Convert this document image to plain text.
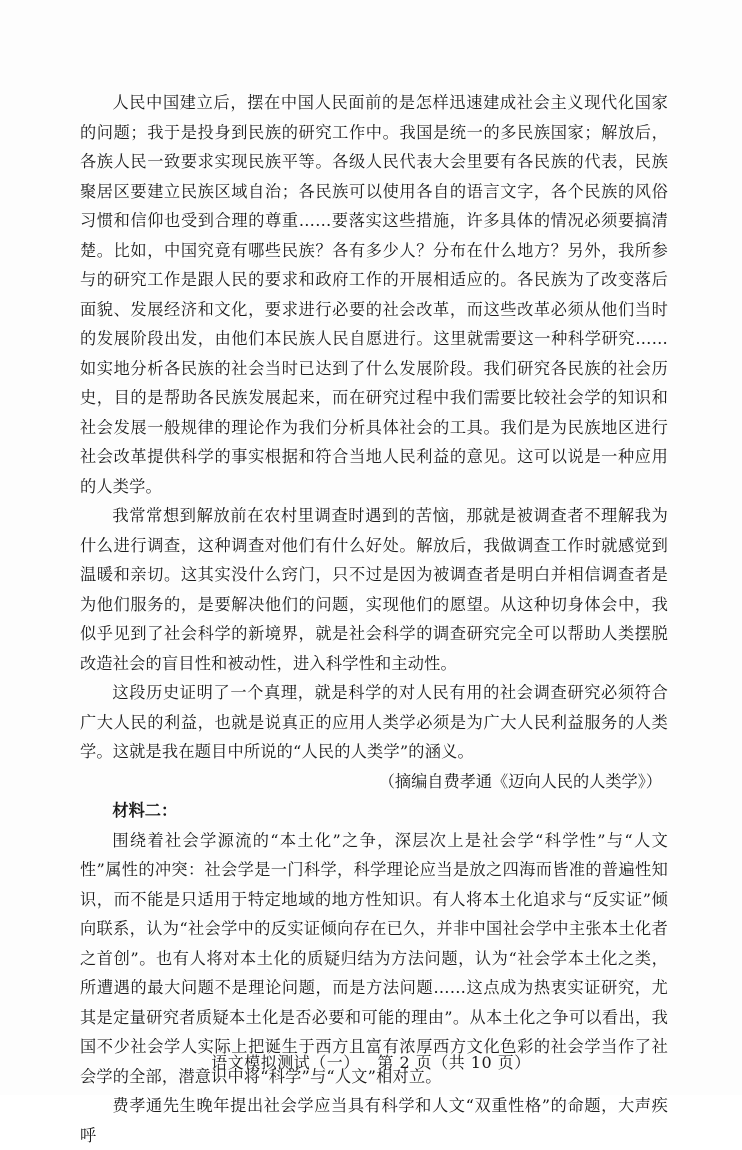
人民中国建立后，摆在中国人民面前的是怎样迅速建成社会主义现代化国家的问题；我于是投身到民族的研究工作中。我国是统一的多民族国家；解放后，各族人民一致要求实现民族平等。各级人民代表大会里要有各民族的代表，民族聚居区要建立民族区域自治；各民族可以使用各自的语言文字，各个民族的风俗习惯和信仰也受到合理的尊重……要落实这些措施，许多具体的情况必须要搞清楚。比如，中国究竟有哪些民族？各有多少人？分布在什么地方？另外，我所参与的研究工作是跟人民的要求和政府工作的开展相适应的。各民族为了改变落后面貌、发展经济和文化，要求进行必要的社会改革，而这些改革必须从他们当时的发展阶段出发，由他们本民族人民自愿进行。这里就需要这一种科学研究……如实地分析各民族的社会当时已达到了什么发展阶段。我们研究各民族的社会历史，目的是帮助各民族发展起来，而在研究过程中我们需要比较社会学的知识和社会发展一般规律的理论作为我们分析具体社会的工具。我们是为民族地区进行社会改革提供科学的事实根据和符合当地人民利益的意见。这可以说是一种应用的人类学。

我常常想到解放前在农村里调查时遇到的苦恼，那就是被调查者不理解我为什么进行调查，这种调查对他们有什么好处。解放后，我做调查工作时就感觉到温暖和亲切。这其实没什么窍门，只不过是因为被调查者是明白并相信调查者是为他们服务的，是要解决他们的问题，实现他们的愿望。从这种切身体会中，我似乎见到了社会科学的新境界，就是社会科学的调查研究完全可以帮助人类摆脱改造社会的盲目性和被动性，进入科学性和主动性。

这段历史证明了一个真理，就是科学的对人民有用的社会调查研究必须符合广大人民的利益，也就是说真正的应用人类学必须是为广大人民利益服务的人类学。这就是我在题目中所说的“人民的人类学”的涵义。

（摘编自费孝通《迈向人民的人类学》）

材料二：

围绕着社会学源流的“本土化”之争，深层次上是社会学“科学性”与“人文性”属性的冲突：社会学是一门科学，科学理论应当是放之四海而皆准的普遍性知识，而不能是只适用于特定地域的地方性知识。有人将本土化追求与“反实证”倾向联系，认为“社会学中的反实证倾向存在已久，并非中国社会学中主张本土化者之首创”。也有人将对本土化的质疑归结为方法问题，认为“社会学本土化之类，所遭遇的最大问题不是理论问题，而是方法问题……这点成为热衷实证研究，尤其是定量研究者质疑本土化是否必要和可能的理由”。从本土化之争可以看出，我国不少社会学人实际上把诞生于西方且富有浓厚西方文化色彩的社会学当作了社会学的全部，潜意识中将“科学”与“人文”相对立。

费孝通先生晚年提出社会学应当具有科学和人文“双重性格”的命题，大声疾呼

语文模拟测试（一） 第 2 页（共 10 页）
